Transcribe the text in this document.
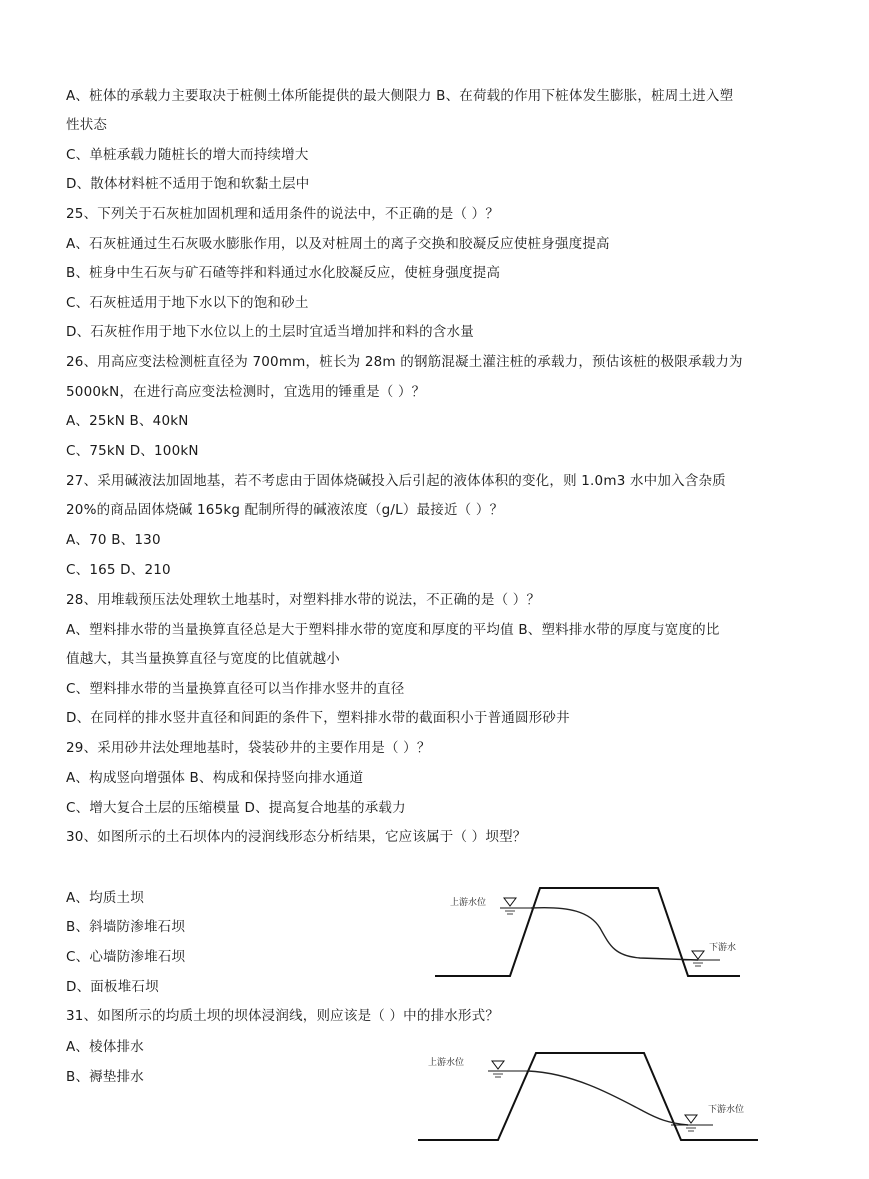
A、桩体的承载力主要取决于桩侧土体所能提供的最大侧限力 B、在荷载的作用下桩体发生膨胀，桩周土进入塑
性状态
C、单桩承载力随桩长的增大而持续增大
D、散体材料桩不适用于饱和软黏土层中
25、下列关于石灰桩加固机理和适用条件的说法中，不正确的是（ ）？
A、石灰桩通过生石灰吸水膨胀作用，以及对桩周土的离子交换和胶凝反应使桩身强度提高
B、桩身中生石灰与矿石碴等拌和料通过水化胶凝反应，使桩身强度提高
C、石灰桩适用于地下水以下的饱和砂土
D、石灰桩作用于地下水位以上的土层时宜适当增加拌和料的含水量
26、用高应变法检测桩直径为 700mm，桩长为 28m 的钢筋混凝土灌注桩的承载力，预估该桩的极限承载力为
5000kN，在进行高应变法检测时，宜选用的锤重是（ ）？
A、25kN B、40kN
C、75kN D、100kN
27、采用碱液法加固地基，若不考虑由于固体烧碱投入后引起的液体体积的变化，则 1.0m3 水中加入含杂质
20%的商品固体烧碱 165kg 配制所得的碱液浓度（g/L）最接近（ ）？
A、70 B、130
C、165 D、210
28、用堆载预压法处理软土地基时，对塑料排水带的说法，不正确的是（ ）？
A、塑料排水带的当量换算直径总是大于塑料排水带的宽度和厚度的平均值 B、塑料排水带的厚度与宽度的比
值越大，其当量换算直径与宽度的比值就越小
C、塑料排水带的当量换算直径可以当作排水竖井的直径
D、在同样的排水竖井直径和间距的条件下，塑料排水带的截面积小于普通圆形砂井
29、采用砂井法处理地基时，袋装砂井的主要作用是（ ）？
A、构成竖向增强体 B、构成和保持竖向排水通道
C、增大复合土层的压缩模量 D、提高复合地基的承载力
30、如图所示的土石坝体内的浸润线形态分析结果，它应该属于（ ）坝型？
A、均质土坝
B、斜墙防渗堆石坝
C、心墙防渗堆石坝
D、面板堆石坝
31、如图所示的均质土坝的坝体浸润线，则应该是（ ）中的排水形式？
A、棱体排水
B、褥垫排水
上游水位
下游水
上游水位
下游水位
